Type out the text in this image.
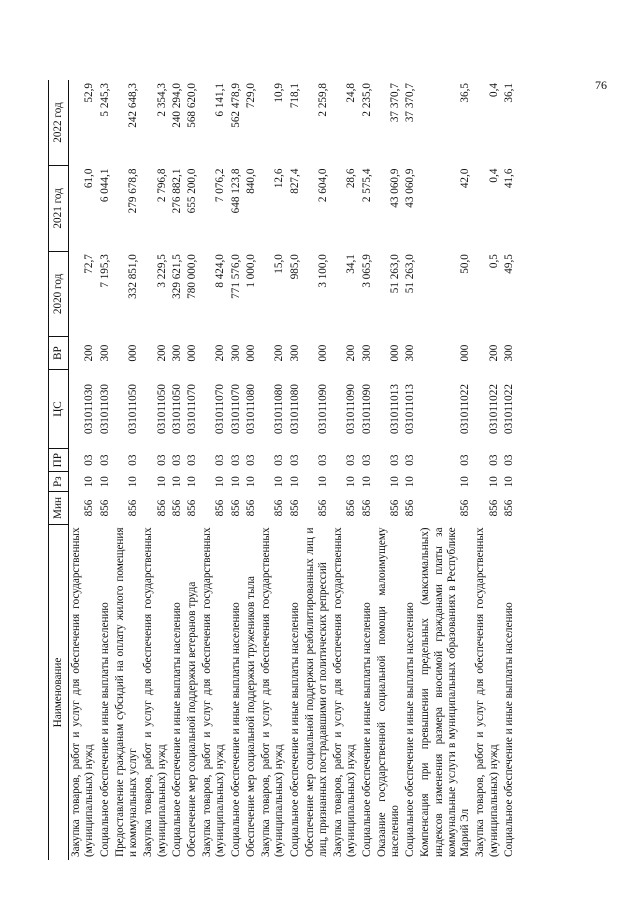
76
Наименование	Мин	Рз	ПР	ЦС	ВР	2020 год	2021 год	2022 год
Закупка товаров, работ и услуг для обеспечения государственных (муниципальных) нужд	856	10	03	031011030	200	72,7	61,0	52,9
Социальное обеспечение и иные выплаты населению	856	10	03	031011030	300	7 195,3	6 044,1	5 245,3
Предоставление гражданам субсидий на оплату жилого помещения и коммунальных услуг	856	10	03	031011050	000	332 851,0	279 678,8	242 648,3
Закупка товаров, работ и услуг для обеспечения государственных (муниципальных) нужд	856	10	03	031011050	200	3 229,5	2 796,8	2 354,3
Социальное обеспечение и иные выплаты населению	856	10	03	031011050	300	329 621,5	276 882,1	240 294,0
Обеспечение мер социальной поддержки ветеранов труда	856	10	03	031011070	000	780 000,0	655 200,0	568 620,0
Закупка товаров, работ и услуг для обеспечения государственных (муниципальных) нужд	856	10	03	031011070	200	8 424,0	7 076,2	6 141,1
Социальное обеспечение и иные выплаты населению	856	10	03	031011070	300	771 576,0	648 123,8	562 478,9
Обеспечение мер социальной поддержки тружеников тыла	856	10	03	031011080	000	1 000,0	840,0	729,0
Закупка товаров, работ и услуг для обеспечения государственных (муниципальных) нужд	856	10	03	031011080	200	15,0	12,6	10,9
Социальное обеспечение и иные выплаты населению	856	10	03	031011080	300	985,0	827,4	718,1
Обеспечение мер социальной поддержки реабилитированных лиц и лиц, признанных пострадавшими от политических репрессий	856	10	03	031011090	000	3 100,0	2 604,0	2 259,8
Закупка товаров, работ и услуг для обеспечения государственных (муниципальных) нужд	856	10	03	031011090	200	34,1	28,6	24,8
Социальное обеспечение и иные выплаты населению	856	10	03	031011090	300	3 065,9	2 575,4	2 235,0
Оказание государственной социальной помощи малоимущему населению	856	10	03	031011013	000	51 263,0	43 060,9	37 370,7
Социальное обеспечение и иные выплаты населению	856	10	03	031011013	300	51 263,0	43 060,9	37 370,7
Компенсация при превышении предельных (максимальных) индексов изменения размера вносимой гражданами платы за коммунальные услуги в муниципальных образованиях в Республике Марий Эл	856	10	03	031011022	000	50,0	42,0	36,5
Закупка товаров, работ и услуг для обеспечения государственных (муниципальных) нужд	856	10	03	031011022	200	0,5	0,4	0,4
Социальное обеспечение и иные выплаты населению	856	10	03	031011022	300	49,5	41,6	36,1
